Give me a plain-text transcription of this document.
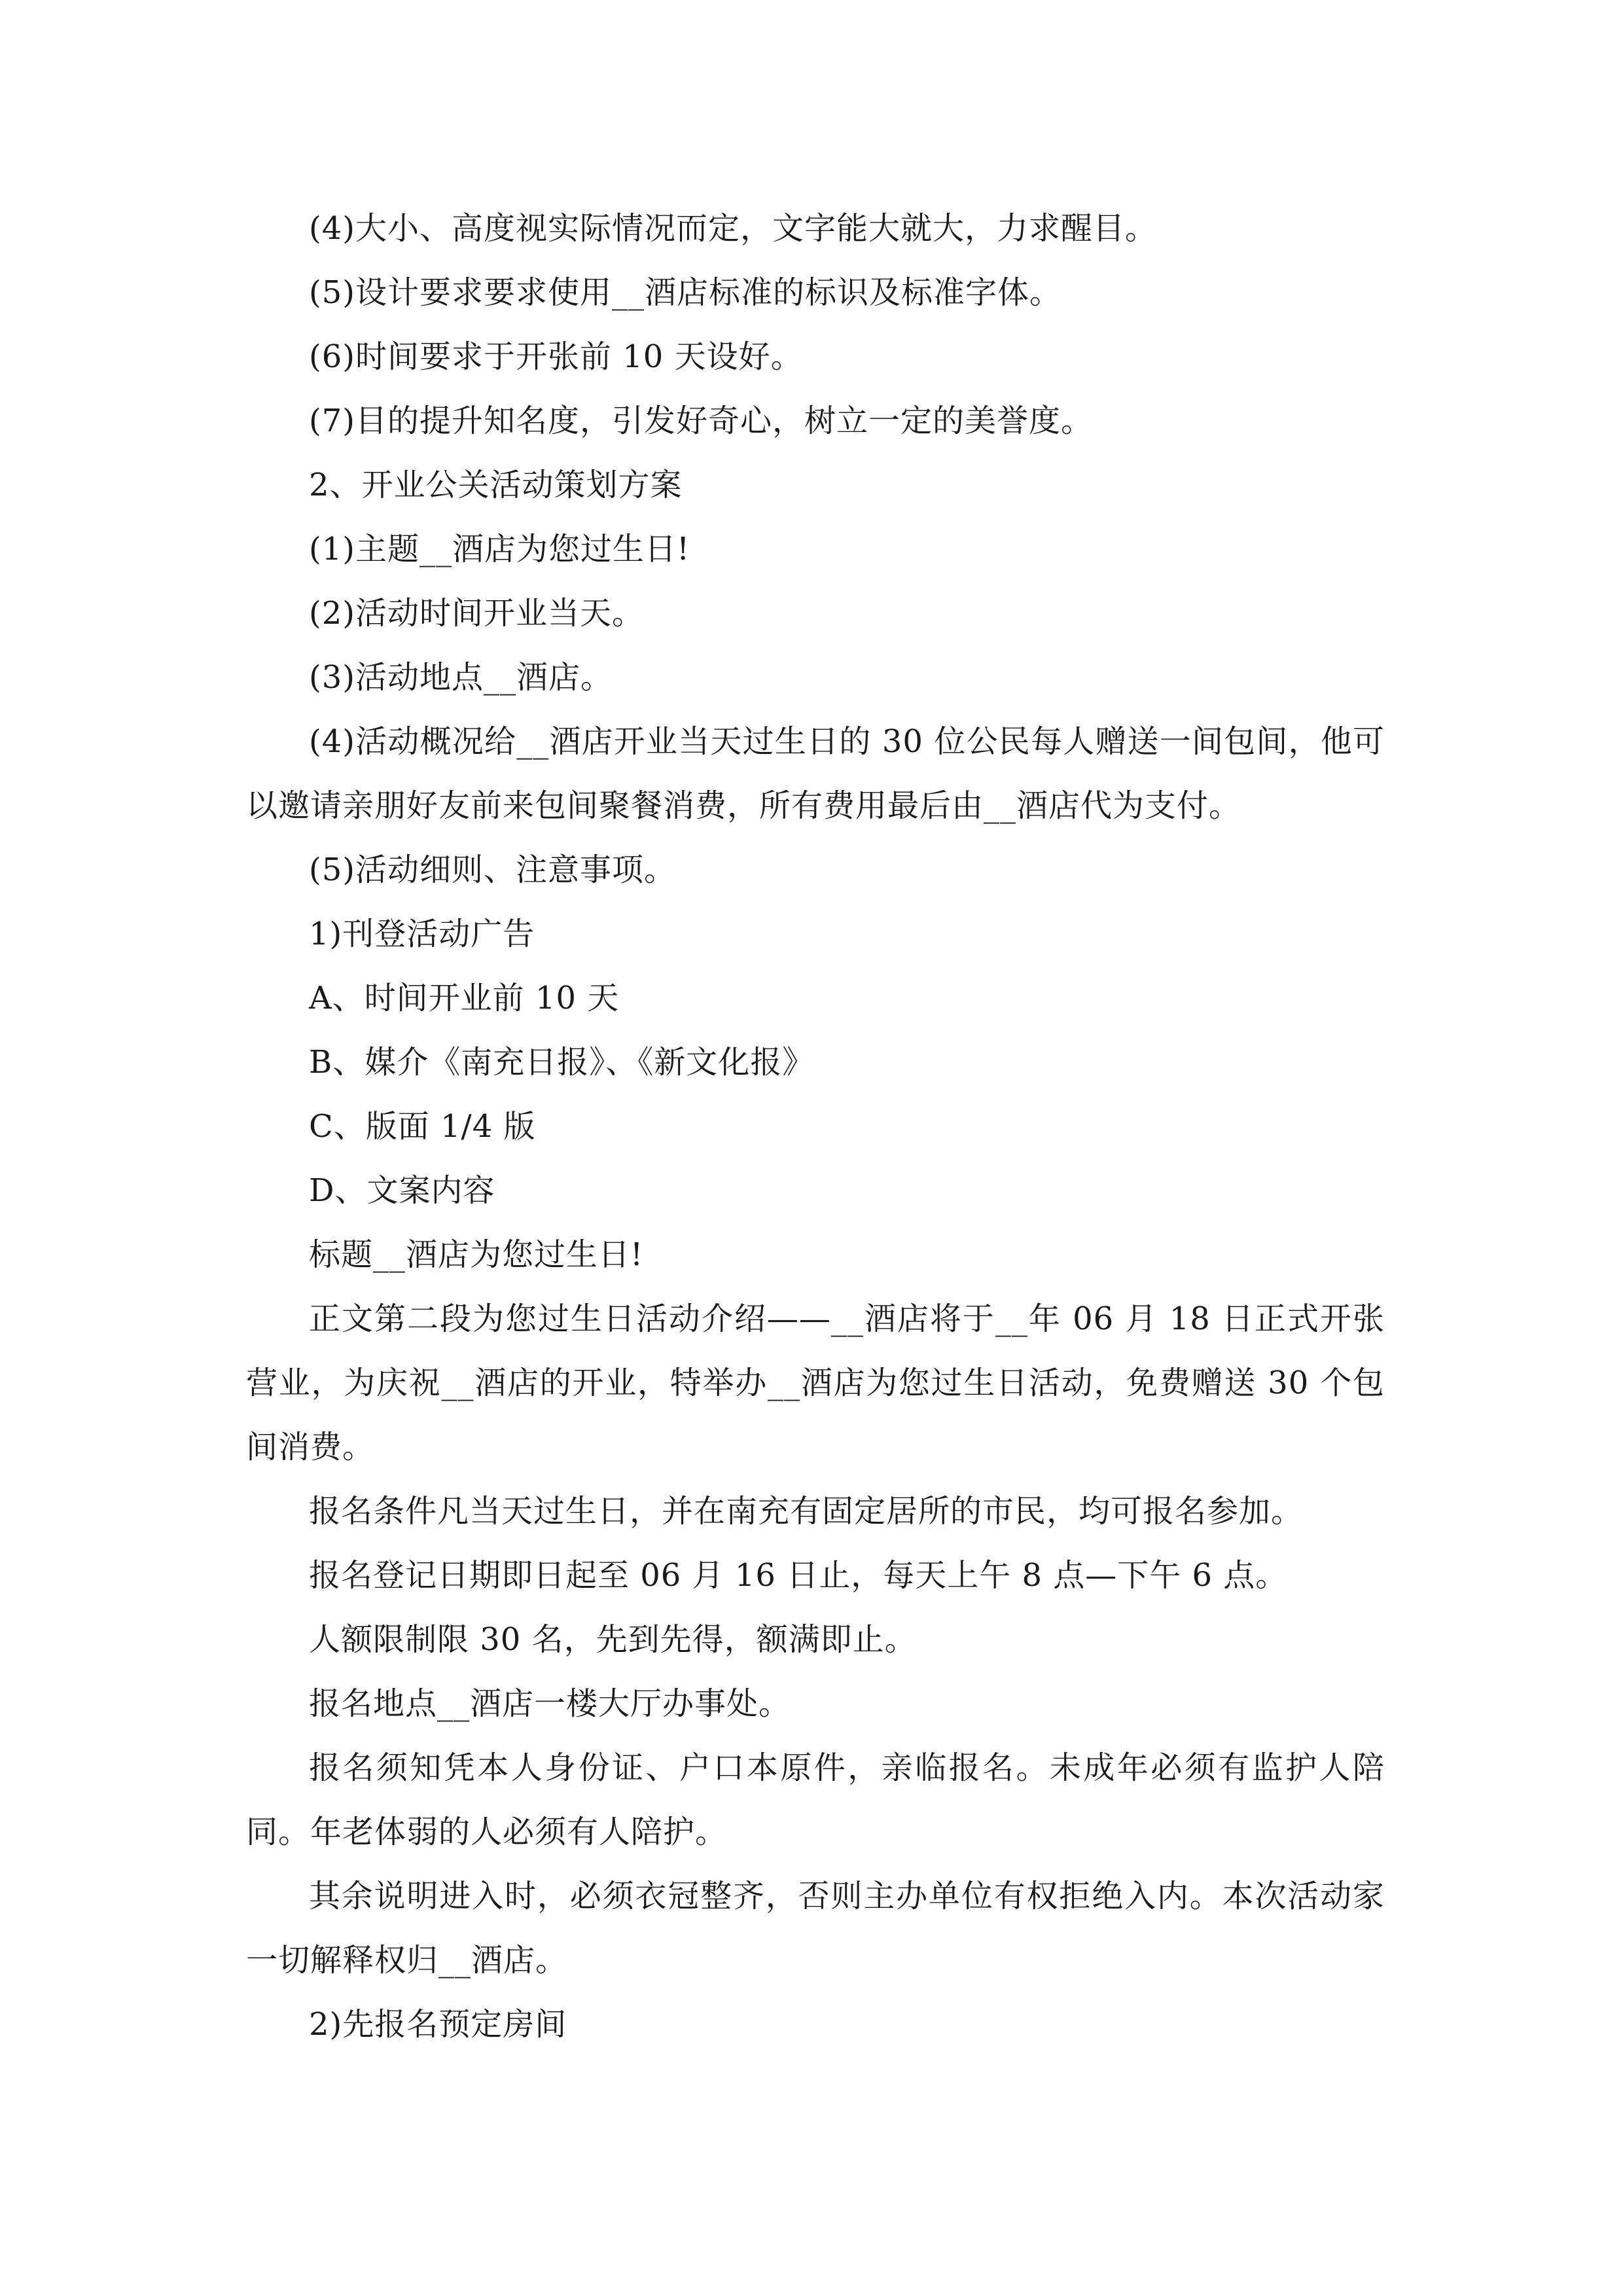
(4)大小、高度视实际情况而定，文字能大就大，力求醒目。

(5)设计要求要求使用__酒店标准的标识及标准字体。

(6)时间要求于开张前 10 天设好。

(7)目的提升知名度，引发好奇心，树立一定的美誉度。

2、开业公关活动策划方案

(1)主题__酒店为您过生日!

(2)活动时间开业当天。

(3)活动地点__酒店。

(4)活动概况给__酒店开业当天过生日的 30 位公民每人赠送一间包间，他可以邀请亲朋好友前来包间聚餐消费，所有费用最后由__酒店代为支付。

(5)活动细则、注意事项。

1)刊登活动广告

A、时间开业前 10 天

B、媒介《南充日报》、《新文化报》

C、版面 1/4 版

D、文案内容

标题__酒店为您过生日!

正文第二段为您过生日活动介绍——__酒店将于__年 06 月 18 日正式开张营业，为庆祝__酒店的开业，特举办__酒店为您过生日活动，免费赠送 30 个包间消费。

报名条件凡当天过生日，并在南充有固定居所的市民，均可报名参加。

报名登记日期即日起至 06 月 16 日止，每天上午 8 点—下午 6 点。

人额限制限 30 名，先到先得，额满即止。

报名地点__酒店一楼大厅办事处。

报名须知凭本人身份证、户口本原件，亲临报名。未成年必须有监护人陪同。年老体弱的人必须有人陪护。

其余说明进入时，必须衣冠整齐，否则主办单位有权拒绝入内。本次活动家一切解释权归__酒店。

2)先报名预定房间
